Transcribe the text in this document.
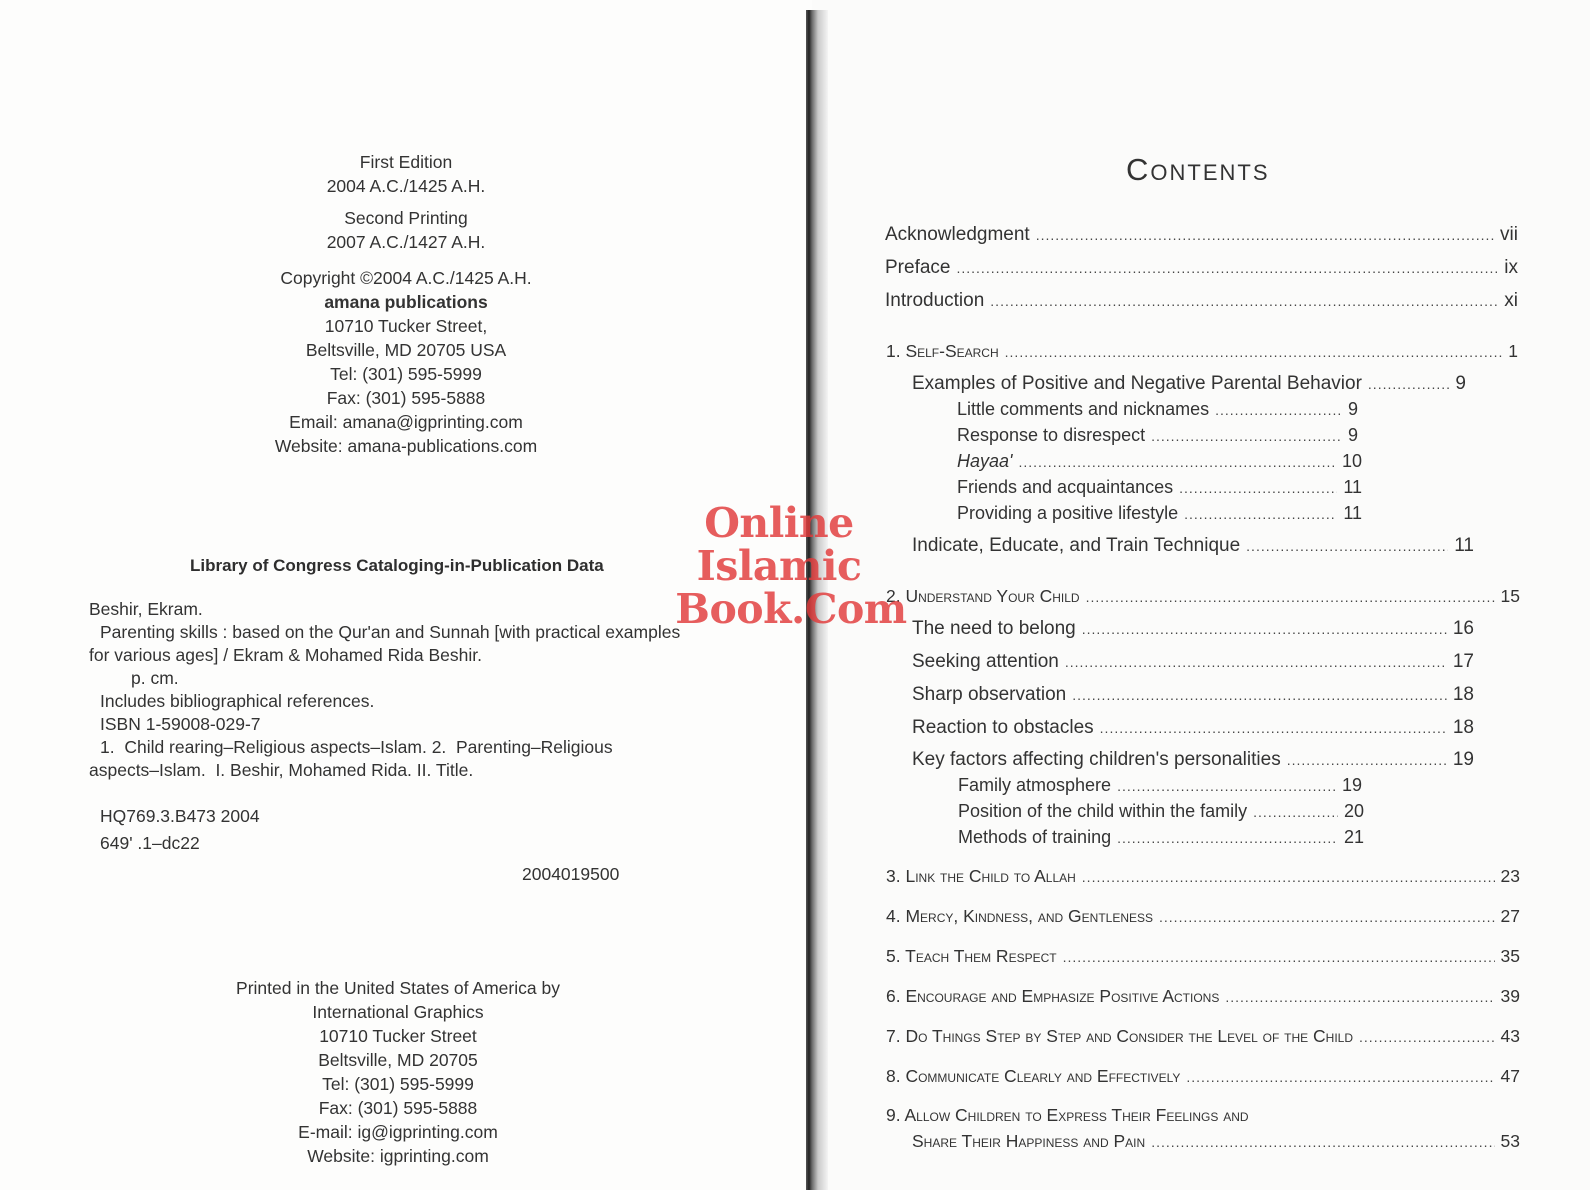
First Edition
2004 A.C./1425 A.H.
Second Printing
2007 A.C./1427 A.H.
Copyright ©2004 A.C./1425 A.H.
amana publications
10710 Tucker Street,
Beltsville, MD 20705 USA
Tel: (301) 595-5999
Fax: (301) 595-5888
Email: amana@igprinting.com
Website: amana-publications.com
Library of Congress Cataloging-in-Publication Data
Beshir, Ekram.
Parenting skills : based on the Qur'an and Sunnah [with practical examples
for various ages] / Ekram & Mohamed Rida Beshir.
p. cm.
Includes bibliographical references.
ISBN 1-59008-029-7
1.  Child rearing–Religious aspects–Islam. 2.  Parenting–Religious
aspects–Islam.  I. Beshir, Mohamed Rida. II. Title.
HQ769.3.B473 2004
649' .1–dc22
2004019500
Printed in the United States of America by
International Graphics
10710 Tucker Street
Beltsville, MD 20705
Tel: (301) 595-5999
Fax: (301) 595-5888
E-mail: ig@igprinting.com
Website: igprinting.com
Contents
Acknowledgment .....	vii
Preface .....	ix
Introduction .....	xi
1. Self-Search .....	1
Examples of Positive and Negative Parental Behavior .....	9
Little comments and nicknames .....	9
Response to disrespect .....	9
Hayaa' .....	10
Friends and acquaintances .....	11
Providing a positive lifestyle .....	11
Indicate, Educate, and Train Technique .....	11
2. Understand Your Child .....	15
The need to belong .....	16
Seeking attention .....	17
Sharp observation .....	18
Reaction to obstacles .....	18
Key factors affecting children's personalities .....	19
Family atmosphere .....	19
Position of the child within the family .....	20
Methods of training .....	21
3. Link the Child to Allah .....	23
4. Mercy, Kindness, and Gentleness .....	27
5. Teach Them Respect .....	35
6. Encourage and Emphasize Positive Actions .....	39
7. Do Things Step by Step and Consider the Level of the Child .....	43
8. Communicate Clearly and Effectively .....	47
9. Allow Children to Express Their Feelings and
Share Their Happiness and Pain .....	53
Online Islamic
Book.Com
